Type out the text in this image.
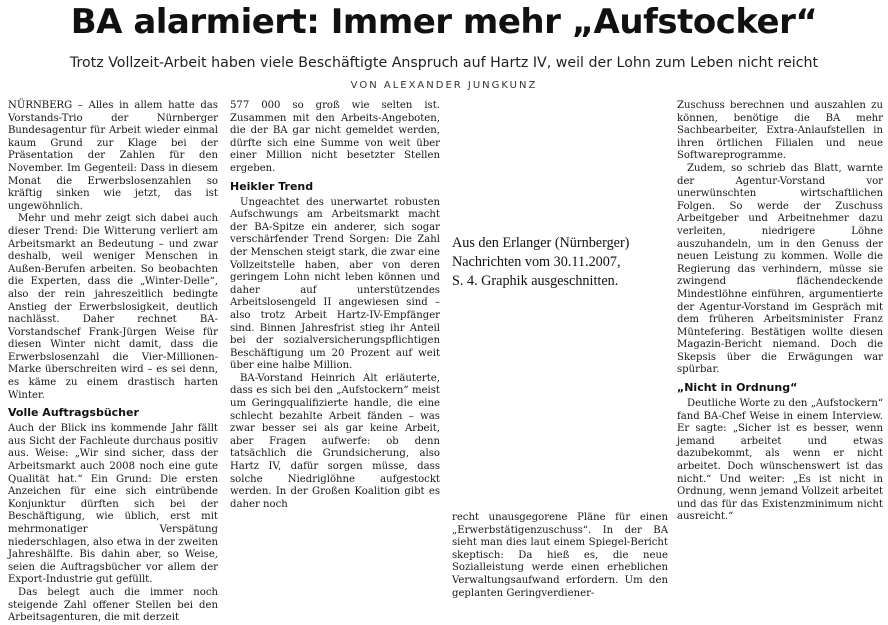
BA alarmiert: Immer mehr „Aufstocker“
Trotz Vollzeit-Arbeit haben viele Beschäftigte Anspruch auf Hartz IV, weil der Lohn zum Leben nicht reicht
VON ALEXANDER JUNGKUNZ

NÜRNBERG – Alles in allem hatte das Vorstands-Trio der Nürnberger Bundesagentur für Arbeit wieder einmal kaum Grund zur Klage bei der Präsentation der Zahlen für den November. Im Gegenteil: Dass in diesem Monat die Erwerbslosenzahlen so kräftig sinken wie jetzt, das ist ungewöhnlich.

Mehr und mehr zeigt sich dabei auch dieser Trend: Die Witterung verliert am Arbeitsmarkt an Bedeutung – und zwar deshalb, weil weniger Menschen in Außen-Berufen arbeiten. So beobachten die Experten, dass die „Winter-Delle“, also der rein jahreszeitlich bedingte Anstieg der Erwerbslosigkeit, deutlich nachlässt. Daher rechnet BA-Vorstandschef Frank-Jürgen Weise für diesen Winter nicht damit, dass die Erwerbslosenzahl die Vier-Millionen-Marke überschreiten wird – es sei denn, es käme zu einem drastisch harten Winter.

Volle Auftragsbücher

Auch der Blick ins kommende Jahr fällt aus Sicht der Fachleute durchaus positiv aus. Weise: „Wir sind sicher, dass der Arbeitsmarkt auch 2008 noch eine gute Qualität hat.“ Ein Grund: Die ersten Anzeichen für eine sich eintrübende Konjunktur dürften sich bei der Beschäftigung, wie üblich, erst mit mehrmonatiger Verspätung niederschlagen, also etwa in der zweiten Jahreshälfte. Bis dahin aber, so Weise, seien die Auftragsbücher vor allem der Export-Industrie gut gefüllt.

Das belegt auch die immer noch steigende Zahl offener Stellen bei den Arbeitsagenturen, die mit derzeit

577 000 so groß wie selten ist. Zusammen mit den Arbeits-Angeboten, die der BA gar nicht gemeldet werden, dürfte sich eine Summe von weit über einer Million nicht besetzter Stellen ergeben.

Heikler Trend

Ungeachtet des unerwartet robusten Aufschwungs am Arbeitsmarkt macht der BA-Spitze ein anderer, sich sogar verschärfender Trend Sorgen: Die Zahl der Menschen steigt stark, die zwar eine Vollzeitstelle haben, aber von deren geringem Lohn nicht leben können und daher auf unterstützendes Arbeitslosengeld II angewiesen sind – also trotz Arbeit Hartz-IV-Empfänger sind. Binnen Jahresfrist stieg ihr Anteil bei der sozialversicherungspflichtigen Beschäftigung um 20 Prozent auf weit über eine halbe Million.

BA-Vorstand Heinrich Alt erläuterte, dass es sich bei den „Aufstockern“ meist um Geringqualifizierte handle, die eine schlecht bezahlte Arbeit fänden – was zwar besser sei als gar keine Arbeit, aber Fragen aufwerfe: ob denn tatsächlich die Grundsicherung, also Hartz IV, dafür sorgen müsse, dass solche Niedriglöhne aufgestockt werden. In der Großen Koalition gibt es daher noch

Aus den Erlanger (Nürnberger)
Nachrichten vom 30.11.2007,
S. 4. Graphik ausgeschnitten.

recht unausgegorene Pläne für einen „Erwerbstätigenzuschuss“. In der BA sieht man dies laut einem Spiegel-Bericht skeptisch: Da hieß es, die neue Sozialleistung werde einen erheblichen Verwaltungsaufwand erfordern. Um den geplanten Geringverdiener-

Zuschuss berechnen und auszahlen zu können, benötige die BA mehr Sachbearbeiter, Extra-Anlaufstellen in ihren örtlichen Filialen und neue Softwareprogramme.

Zudem, so schrieb das Blatt, warnte der Agentur-Vorstand vor unerwünschten wirtschaftlichen Folgen. So werde der Zuschuss Arbeitgeber und Arbeitnehmer dazu verleiten, niedrigere Löhne auszuhandeln, um in den Genuss der neuen Leistung zu kommen. Wolle die Regierung das verhindern, müsse sie zwingend flächendeckende Mindestlöhne einführen, argumentierte der Agentur-Vorstand im Gespräch mit dem früheren Arbeitsminister Franz Müntefering. Bestätigen wollte diesen Magazin-Bericht niemand. Doch die Skepsis über die Erwägungen war spürbar.

„Nicht in Ordnung“

Deutliche Worte zu den „Aufstockern“ fand BA-Chef Weise in einem Interview. Er sagte: „Sicher ist es besser, wenn jemand arbeitet und etwas dazubekommt, als wenn er nicht arbeitet. Doch wünschenswert ist das nicht.“ Und weiter: „Es ist nicht in Ordnung, wenn jemand Vollzeit arbeitet und das für das Existenzminimum nicht ausreicht.“
